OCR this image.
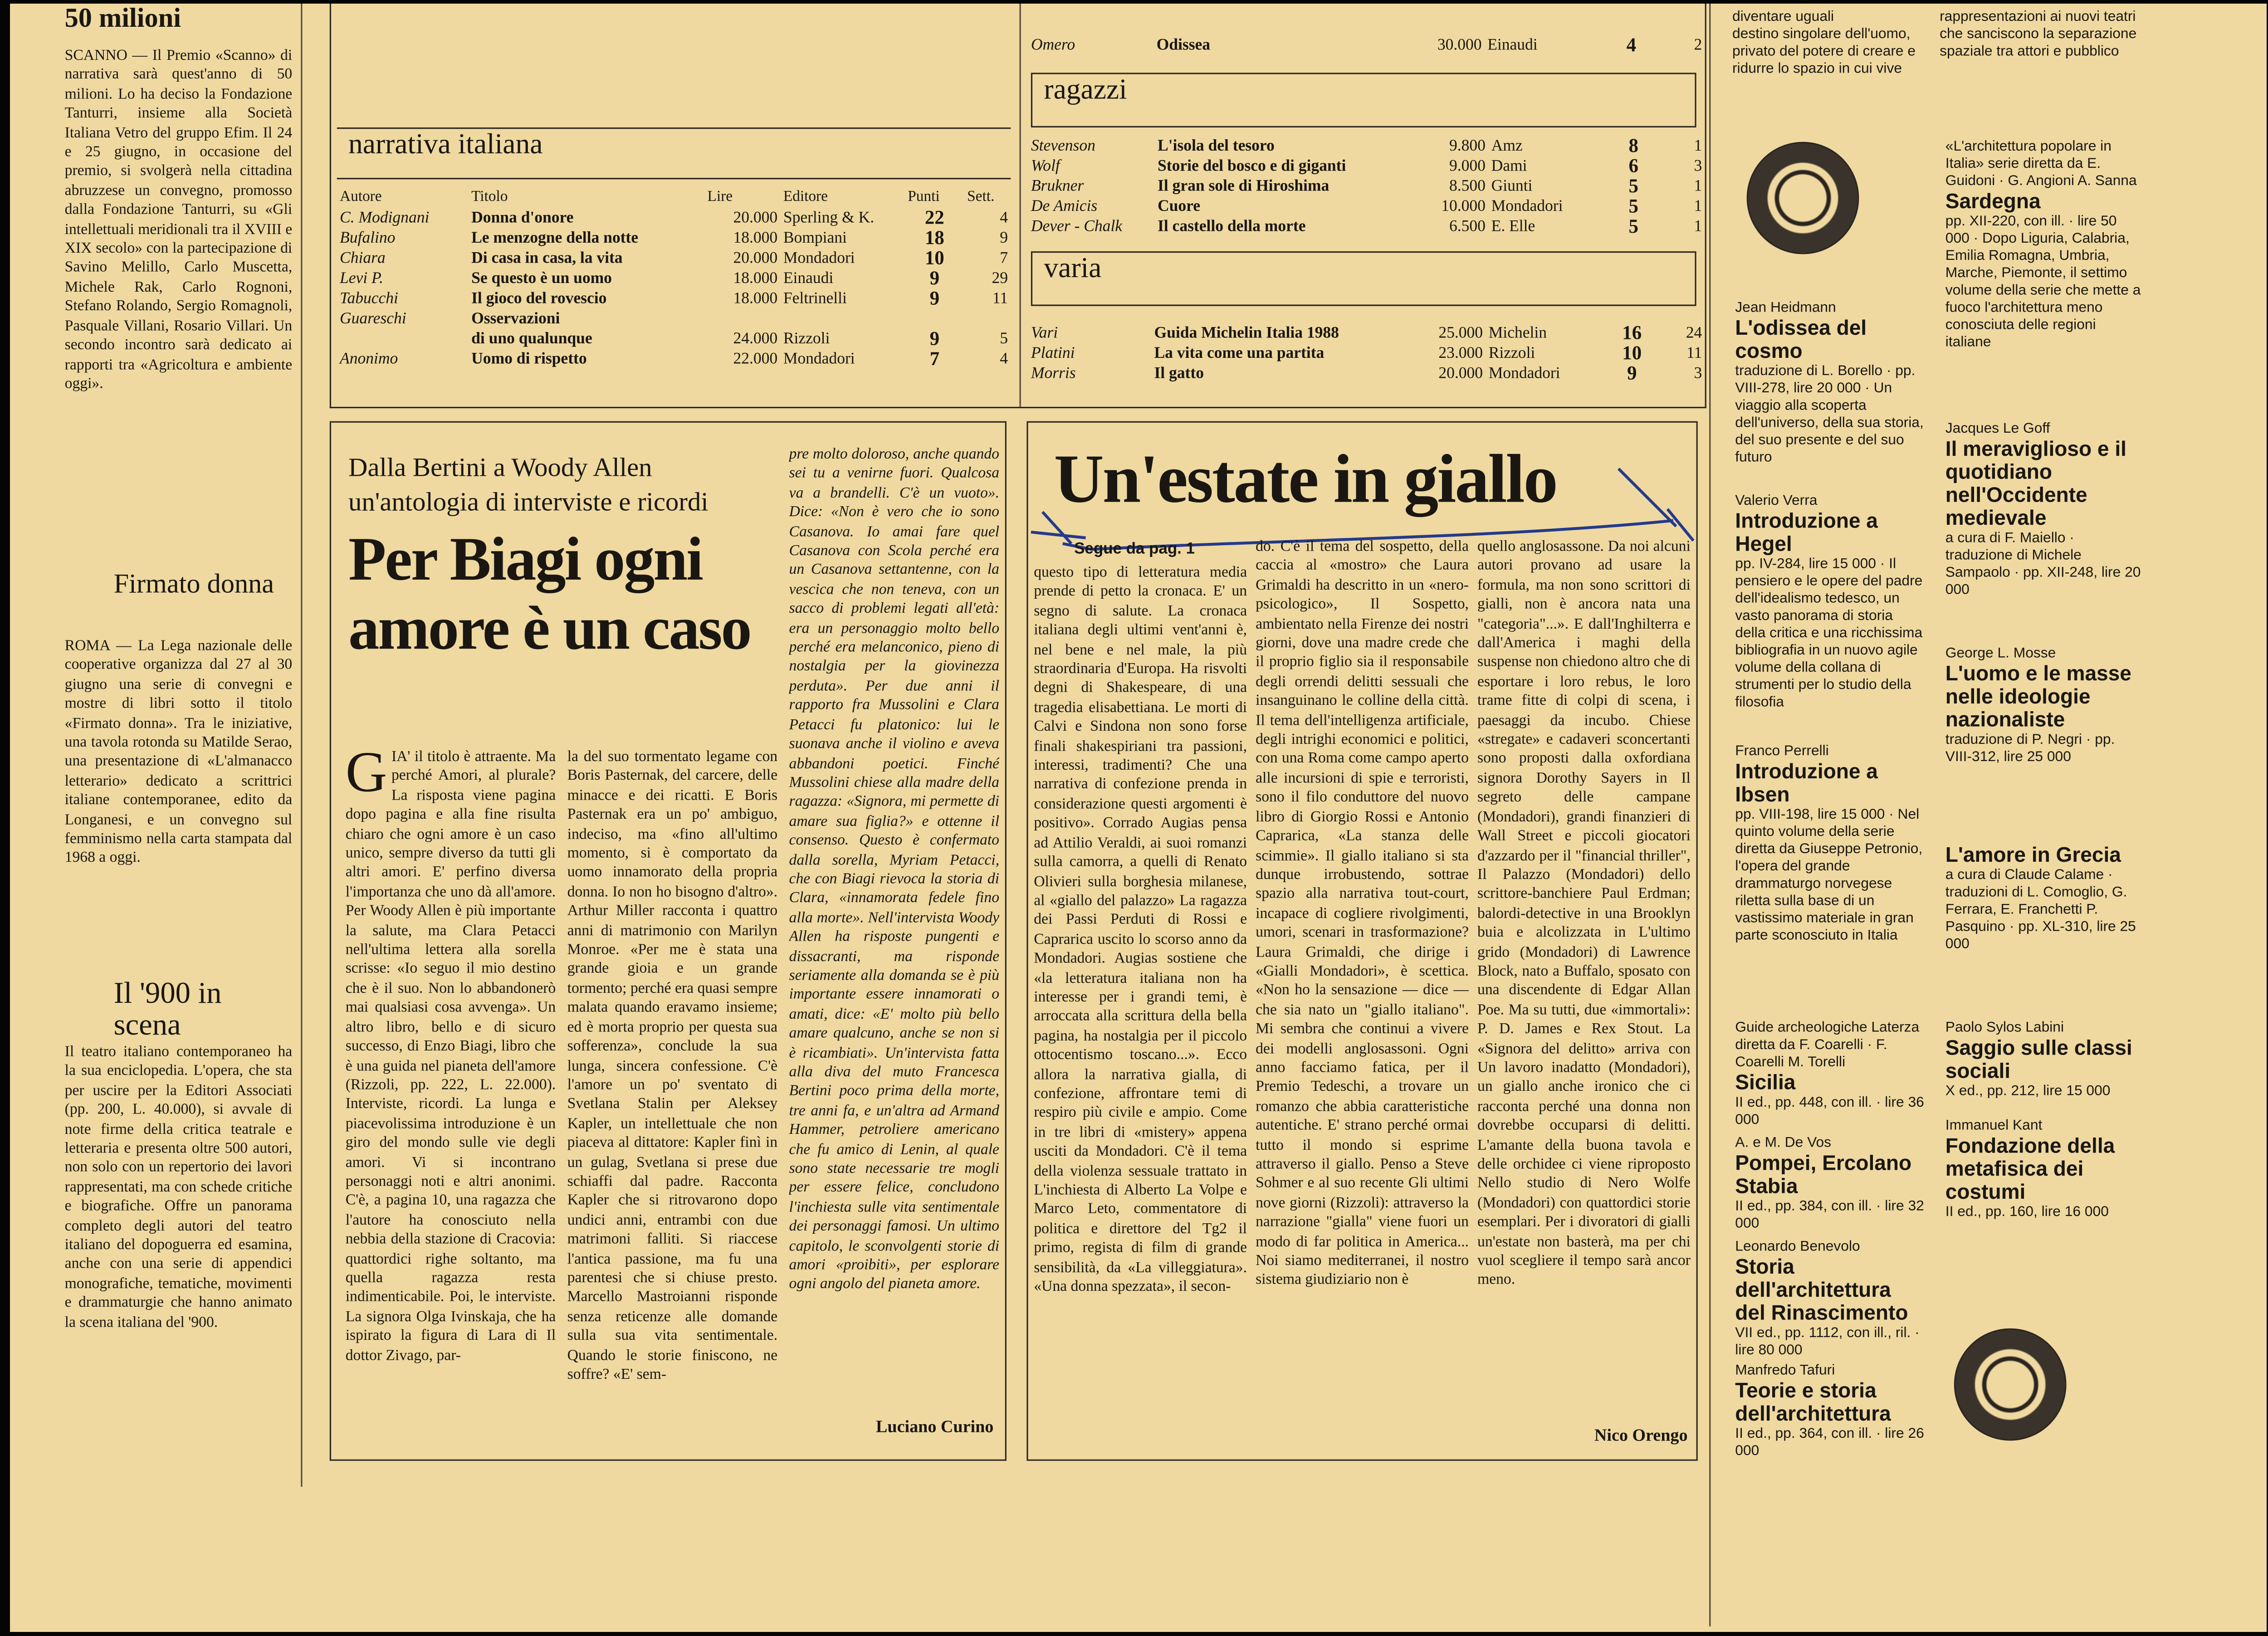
50 milioni
SCANNO — Il Premio «Scanno» di narrativa sarà quest'anno di 50 milioni. Lo ha deciso la Fondazione Tanturri, insieme alla Società Italiana Vetro del gruppo Efim. Il 24 e 25 giugno, in occasione del premio, si svolgerà nella cittadina abruzzese un convegno, promosso dalla Fondazione Tanturri, su «Gli intellettuali meridionali tra il XVIII e XIX secolo» con la partecipazione di Savino Melillo, Carlo Muscetta, Michele Rak, Carlo Rognoni, Stefano Rolando, Sergio Romagnoli, Pasquale Villani, Rosario Villari. Un secondo incontro sarà dedicato ai rapporti tra «Agricoltura e ambiente oggi».
Firmato donna
ROMA — La Lega nazionale delle cooperative organizza dal 27 al 30 giugno una serie di convegni e mostre di libri sotto il titolo «Firmato donna». Tra le iniziative, una tavola rotonda su Matilde Serao, una presentazione di «L'almanacco letterario» dedicato a scrittrici italiane contemporanee, edito da Longanesi, e un convegno sul femminismo nella carta stampata dal 1968 a oggi.
Il '900 in scena
Il teatro italiano contemporaneo ha la sua enciclopedia. L'opera, che sta per uscire per la Editori Associati (pp. 200, L. 40.000), si avvale di note firme della critica teatrale e letteraria e presenta oltre 500 autori, non solo con un repertorio dei lavori rappresentati, ma con schede critiche e biografiche. Offre un panorama completo degli autori del teatro italiano del dopoguerra ed esamina, anche con una serie di appendici monografiche, tematiche, movimenti e drammaturgie che hanno animato la scena italiana del '900.
narrativa italiana
Autore	Titolo	Lire	Editore	Punti	Sett.
C. Modignani	Donna d'onore	20.000	Sperling & K.	22	4
Bufalino	Le menzogne della notte	18.000	Bompiani	18	9
Chiara	Di casa in casa, la vita	20.000	Mondadori	10	7
Levi P.	Se questo è un uomo	18.000	Einaudi	9	29
Tabucchi	Il gioco del rovescio	18.000	Feltrinelli	9	11
Guareschi	Osservazioni				
	di uno qualunque	24.000	Rizzoli	9	5
Anonimo	Uomo di rispetto	22.000	Mondadori	7	4
Omero	Odissea	30.000	Einaudi	4	2
ragazzi
Stevenson	L'isola del tesoro	9.800	Amz	8	1
Wolf	Storie del bosco e di giganti	9.000	Dami	6	3
Brukner	Il gran sole di Hiroshima	8.500	Giunti	5	1
De Amicis	Cuore	10.000	Mondadori	5	1
Dever - Chalk	Il castello della morte	6.500	E. Elle	5	1
varia
Vari	Guida Michelin Italia 1988	25.000	Michelin	16	24
Platini	La vita come una partita	23.000	Rizzoli	10	11
Morris	Il gatto	20.000	Mondadori	9	3
Dalla Bertini a Woody Allen un'antologia di interviste e ricordi
Per Biagi ogni amore è un caso
GIA' il titolo è attraente. Ma perché Amori, al plurale? La risposta viene pagina dopo pagina e alla fine risulta chiaro che ogni amore è un caso unico, sempre diverso da tutti gli altri amori. E' perfino diversa l'importanza che uno dà all'amore. Per Woody Allen è più importante la salute, ma Clara Petacci nell'ultima lettera alla sorella scrisse: «Io seguo il mio destino che è il suo. Non lo abbandonerò mai qualsiasi cosa avvenga». Un altro libro, bello e di sicuro successo, di Enzo Biagi, libro che è una guida nel pianeta dell'amore (Rizzoli, pp. 222, L. 22.000). Interviste, ricordi. La lunga e piacevolissima introduzione è un giro del mondo sulle vie degli amori. Vi si incontrano personaggi noti e altri anonimi. C'è, a pagina 10, una ragazza che l'autore ha conosciuto nella nebbia della stazione di Cracovia: quattordici righe soltanto, ma quella ragazza resta indimenticabile. Poi, le interviste. La signora Olga Ivinskaja, che ha ispirato la figura di Lara di Il dottor Zivago, par-
la del suo tormentato legame con Boris Pasternak, del carcere, delle minacce e dei ricatti. E Boris Pasternak era un po' ambiguo, indeciso, ma «fino all'ultimo momento, si è comportato da uomo innamorato della propria donna. Io non ho bisogno d'altro». Arthur Miller racconta i quattro anni di matrimonio con Marilyn Monroe. «Per me è stata una grande gioia e un grande tormento; perché era quasi sempre malata quando eravamo insieme; ed è morta proprio per questa sua sofferenza», conclude la sua lunga, sincera confessione. C'è l'amore un po' sventato di Svetlana Stalin per Aleksey Kapler, un intellettuale che non piaceva al dittatore: Kapler finì in un gulag, Svetlana si prese due schiaffi dal padre. Racconta Kapler che si ritrovarono dopo undici anni, entrambi con due matrimoni falliti. Si riaccese l'antica passione, ma fu una parentesi che si chiuse presto. Marcello Mastroianni risponde senza reticenze alle domande sulla sua vita sentimentale. Quando le storie finiscono, ne soffre? «E' sem-
pre molto doloroso, anche quando sei tu a venirne fuori. Qualcosa va a brandelli. C'è un vuoto». Dice: «Non è vero che io sono Casanova. Io amai fare quel Casanova con Scola perché era un Casanova settantenne, con la vescica che non teneva, con un sacco di problemi legati all'età: era un personaggio molto bello perché era melanconico, pieno di nostalgia per la giovinezza perduta». Per due anni il rapporto fra Mussolini e Clara Petacci fu platonico: lui le suonava anche il violino e aveva abbandoni poetici. Finché Mussolini chiese alla madre della ragazza: «Signora, mi permette di amare sua figlia?» e ottenne il consenso. Questo è confermato dalla sorella, Myriam Petacci, che con Biagi rievoca la storia di Clara, «innamorata fedele fino alla morte». Nell'intervista Woody Allen ha risposte pungenti e dissacranti, ma risponde seriamente alla domanda se è più importante essere innamorati o amati, dice: «E' molto più bello amare qualcuno, anche se non si è ricambiati». Un'intervista fatta alla diva del muto Francesca Bertini poco prima della morte, tre anni fa, e un'altra ad Armand Hammer, petroliere americano che fu amico di Lenin, al quale sono state necessarie tre mogli per essere felice, concludono l'inchiesta sulle vita sentimentale dei personaggi famosi. Un ultimo capitolo, le sconvolgenti storie di amori «proibiti», per esplorare ogni angolo del pianeta amore.
Luciano Curino
Un'estate in giallo
Segue da pag. 1
questo tipo di letteratura media prende di petto la cronaca. E' un segno di salute. La cronaca italiana degli ultimi vent'anni è, nel bene e nel male, la più straordinaria d'Europa. Ha risvolti degni di Shakespeare, di una tragedia elisabettiana. Le morti di Calvi e Sindona non sono forse finali shakespiriani tra passioni, interessi, tradimenti? Che una narrativa di confezione prenda in considerazione questi argomenti è positivo». Corrado Augias pensa ad Attilio Veraldi, ai suoi romanzi sulla camorra, a quelli di Renato Olivieri sulla borghesia milanese, al «giallo del palazzo» La ragazza dei Passi Perduti di Rossi e Caprarica uscito lo scorso anno da Mondadori. Augias sostiene che «la letteratura italiana non ha interesse per i grandi temi, è arroccata alla scrittura della bella pagina, ha nostalgia per il piccolo ottocentismo toscano...». Ecco allora la narrativa gialla, di confezione, affrontare temi di respiro più civile e ampio. Come in tre libri di «mistery» appena usciti da Mondadori. C'è il tema della violenza sessuale trattato in L'inchiesta di Alberto La Volpe e Marco Leto, commentatore di politica e direttore del Tg2 il primo, regista di film di grande sensibilità, da «La villeggiatura». «Una donna spezzata», il secon-
do. C'è il tema del sospetto, della caccia al «mostro» che Laura Grimaldi ha descritto in un «nero-psicologico», Il Sospetto, ambientato nella Firenze dei nostri giorni, dove una madre crede che il proprio figlio sia il responsabile degli orrendi delitti sessuali che insanguinano le colline della città. Il tema dell'intelligenza artificiale, degli intrighi economici e politici, con una Roma come campo aperto alle incursioni di spie e terroristi, sono il filo conduttore del nuovo libro di Giorgio Rossi e Antonio Caprarica, «La stanza delle scimmie». Il giallo italiano si sta dunque irrobustendo, sottrae spazio alla narrativa tout-court, incapace di cogliere rivolgimenti, umori, scenari in trasformazione? Laura Grimaldi, che dirige i «Gialli Mondadori», è scettica. «Non ho la sensazione — dice — che sia nato un "giallo italiano". Mi sembra che continui a vivere dei modelli anglosassoni. Ogni anno facciamo fatica, per il Premio Tedeschi, a trovare un romanzo che abbia caratteristiche autentiche. E' strano perché ormai tutto il mondo si esprime attraverso il giallo. Penso a Steve Sohmer e al suo recente Gli ultimi nove giorni (Rizzoli): attraverso la narrazione "gialla" viene fuori un modo di far politica in America... Noi siamo mediterranei, il nostro sistema giudiziario non è
quello anglosassone. Da noi alcuni autori provano ad usare la formula, ma non sono scrittori di gialli, non è ancora nata una "categoria"...». E dall'Inghilterra e dall'America i maghi della suspense non chiedono altro che di esportare i loro rebus, le loro trame fitte di colpi di scena, i paesaggi da incubo. Chiese «stregate» e cadaveri sconcertanti sono proposti dalla oxfordiana signora Dorothy Sayers in Il segreto delle campane (Mondadori), grandi finanzieri di Wall Street e piccoli giocatori d'azzardo per il "financial thriller", Il Palazzo (Mondadori) dello scrittore-banchiere Paul Erdman; balordi-detective in una Brooklyn buia e alcolizzata in L'ultimo grido (Mondadori) di Lawrence Block, nato a Buffalo, sposato con una discendente di Edgar Allan Poe. Ma su tutti, due «immortali»: P. D. James e Rex Stout. La «Signora del delitto» arriva con Un lavoro inadatto (Mondadori), un giallo anche ironico che ci racconta perché una donna non dovrebbe occuparsi di delitti. L'amante della buona tavola e delle orchidee ci viene riproposto Nello studio di Nero Wolfe (Mondadori) con quattordici storie esemplari. Per i divoratori di gialli un'estate non basterà, ma per chi vuol scegliere il tempo sarà ancor meno.
Nico Orengo
diventare uguali
destino singolare dell'uomo, privato del potere di creare e ridurre lo spazio in cui vive
rappresentazioni ai nuovi teatri che sanciscono la separazione spaziale tra attori e pubblico
Jean Heidmann
L'odissea del cosmo
traduzione di L. Borello · pp. VIII-278, lire 20 000 · Un viaggio alla scoperta dell'universo, della sua storia, del suo presente e del suo futuro
Valerio Verra
Introduzione a Hegel
pp. IV-284, lire 15 000 · Il pensiero e le opere del padre dell'idealismo tedesco, un vasto panorama di storia della critica e una ricchissima bibliografia in un nuovo agile volume della collana di strumenti per lo studio della filosofia
Franco Perrelli
Introduzione a Ibsen
pp. VIII-198, lire 15 000 · Nel quinto volume della serie diretta da Giuseppe Petronio, l'opera del grande drammaturgo norvegese riletta sulla base di un vastissimo materiale in gran parte sconosciuto in Italia
Guide archeologiche Laterza diretta da F. Coarelli · F. Coarelli M. Torelli
Sicilia
II ed., pp. 448, con ill. · lire 36 000
A. e M. De Vos
Pompei, Ercolano Stabia
II ed., pp. 384, con ill. · lire 32 000
Leonardo Benevolo
Storia dell'architettura del Rinascimento
VII ed., pp. 1112, con ill., ril. · lire 80 000
Manfredo Tafuri
Teorie e storia dell'architettura
II ed., pp. 364, con ill. · lire 26 000
«L'architettura popolare in Italia» serie diretta da E. Guidoni · G. Angioni A. Sanna
Sardegna
pp. XII-220, con ill. · lire 50 000 · Dopo Liguria, Calabria, Emilia Romagna, Umbria, Marche, Piemonte, il settimo volume della serie che mette a fuoco l'architettura meno conosciuta delle regioni italiane
Jacques Le Goff
Il meraviglioso e il quotidiano nell'Occidente medievale
a cura di F. Maiello · traduzione di Michele Sampaolo · pp. XII-248, lire 20 000
George L. Mosse
L'uomo e le masse nelle ideologie nazionaliste
traduzione di P. Negri · pp. VIII-312, lire 25 000
L'amore in Grecia
a cura di Claude Calame · traduzioni di L. Comoglio, G. Ferrara, E. Franchetti P. Pasquino · pp. XL-310, lire 25 000
Paolo Sylos Labini
Saggio sulle classi sociali
X ed., pp. 212, lire 15 000
Immanuel Kant
Fondazione della metafisica dei costumi
II ed., pp. 160, lire 16 000
